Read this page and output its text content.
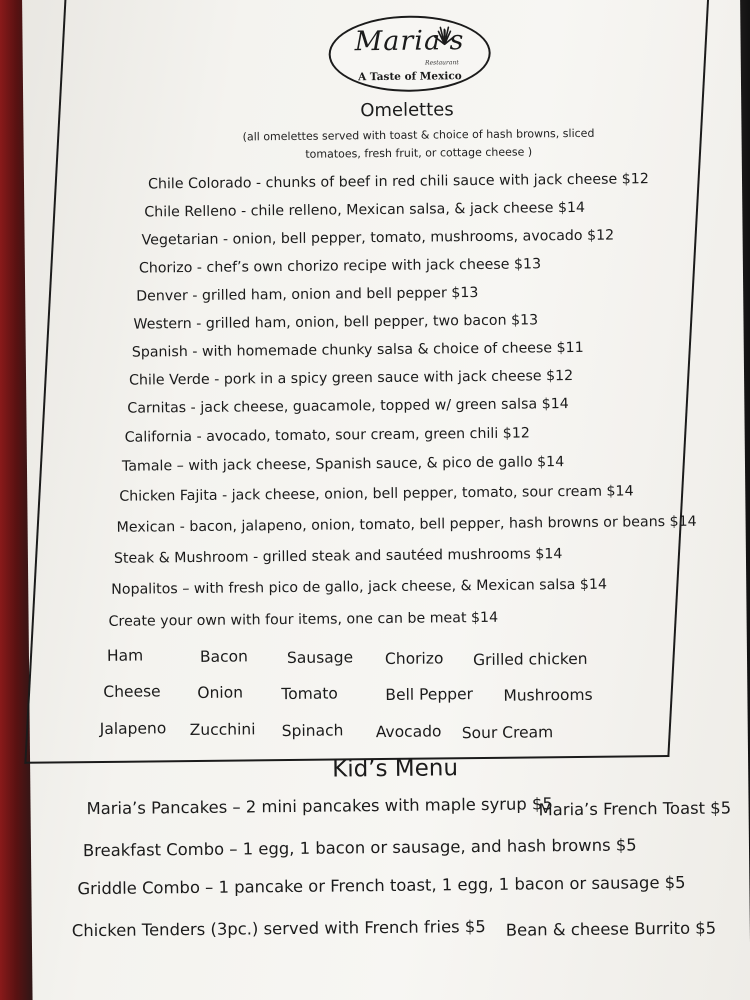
Maria's
Restaurant
A Taste of Mexico
Omelettes
(all omelettes served with toast & choice of hash browns, sliced
tomatoes, fresh fruit, or cottage cheese )
Chile Colorado - chunks of beef in red chili sauce with jack cheese $12
Chile Relleno - chile relleno, Mexican salsa, & jack cheese $14
Vegetarian - onion, bell pepper, tomato, mushrooms, avocado $12
Chorizo - chef’s own chorizo recipe with jack cheese $13
Denver - grilled ham, onion and bell pepper $13
Western - grilled ham, onion, bell pepper, two bacon $13
Spanish - with homemade chunky salsa & choice of cheese $11
Chile Verde - pork in a spicy green sauce with jack cheese $12
Carnitas - jack cheese, guacamole, topped w/ green salsa $14
California - avocado, tomato, sour cream, green chili $12
Tamale – with jack cheese, Spanish sauce, & pico de gallo $14
Chicken Fajita - jack cheese, onion, bell pepper, tomato, sour cream $14
Mexican - bacon, jalapeno, onion, tomato, bell pepper, hash browns or beans $14
Steak & Mushroom - grilled steak and sautéed mushrooms $14
Nopalitos – with fresh pico de gallo, jack cheese, & Mexican salsa $14
Create your own with four items, one can be meat $14
Ham	Bacon	Sausage Chorizo Grilled chicken
Cheese Onion Tomato	Bell Pepper Mushrooms
Jalapeno Zucchini Spinach Avocado Sour Cream
Kid’s Menu
Maria’s Pancakes – 2 mini pancakes with maple syrup $5
Maria’s French Toast $5
Breakfast Combo – 1 egg, 1 bacon or sausage, and hash browns $5
Griddle Combo – 1 pancake or French toast, 1 egg, 1 bacon or sausage $5
Chicken Tenders (3pc.) served with French fries $5 Bean & cheese Burrito $5
